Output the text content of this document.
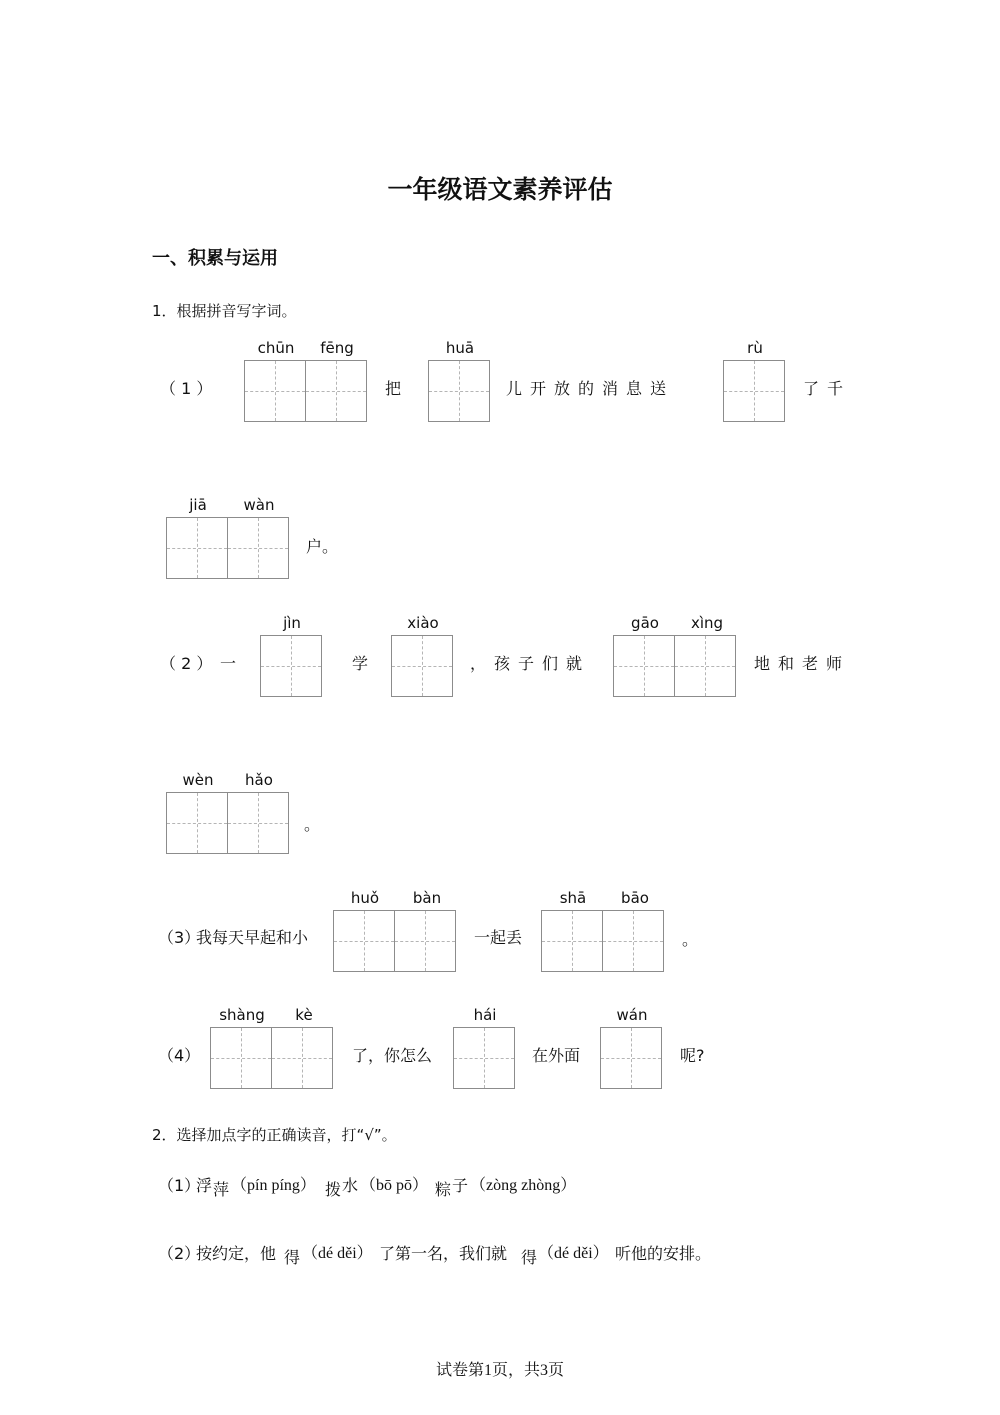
一年级语文素养评估
一、积累与运用
1．根据拼音写字词。
（ 1 ）
chūn	fēng
把
huā
儿开放的消息送
rù
了千
jiā	wàn
户。
（ 2 ） 一
jìn
学
xiào
，孩子们就
gāo	xìng
地和老师
wèn	hǎo
。
（3）
我每天早起和小
huǒ	bàn
一起丢
shā	bāo
。
（4）
shàng	kè
了，你怎么
hái
在外面
wán
呢?
2．选择加点字的正确读音，打“√”。
（1）
浮 萍 （pín píng） 拨 水 （bō pō） 粽 子 （zòng zhòng）
（2）
按约定，他 得 （dé děi） 了第一名，我们就 得 （dé děi） 听他的安排。
试卷第1页，共3页
